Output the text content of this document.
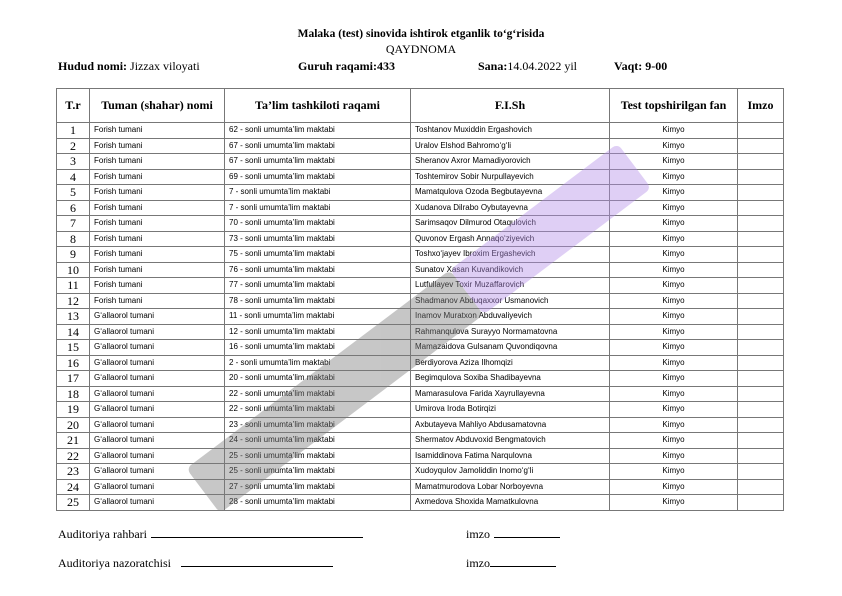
Malaka (test) sinovida ishtirok etganlik to‘g‘risida
QAYDNOMA
Hudud nomi: Jizzax viloyati	Guruh raqami:433	Sana:14.04.2022 yil	Vaqt: 9-00
T.r	Tuman (shahar) nomi	Ta’lim tashkiloti raqami	F.I.Sh	Test topshirilgan fan	Imzo
1	Forish tumani	62 - sonli umumta’lim maktabi	Toshtanov Muxiddin Ergashovich	Kimyo	
2	Forish tumani	67 - sonli umumta’lim maktabi	Uralov Elshod Bahromo‘g‘li	Kimyo	
3	Forish tumani	67 - sonli umumta’lim maktabi	Sheranov Axror Mamadiyorovich	Kimyo	
4	Forish tumani	69 - sonli umumta’lim maktabi	Toshtemirov Sobir Nurpullayevich	Kimyo	
5	Forish tumani	7 - sonli umumta’lim maktabi	Mamatqulova Ozoda Begbutayevna	Kimyo	
6	Forish tumani	7 - sonli umumta’lim maktabi	Xudanova Dilrabo Oybutayevna	Kimyo	
7	Forish tumani	70 - sonli umumta’lim maktabi	Sarimsaqov Dilmurod Otaqulovich	Kimyo	
8	Forish tumani	73 - sonli umumta’lim maktabi	Quvonov Ergash Annaqo‘ziyevich	Kimyo	
9	Forish tumani	75 - sonli umumta’lim maktabi	Toshxo‘jayev Ibroxim Ergashevich	Kimyo	
10	Forish tumani	76 - sonli umumta’lim maktabi	Sunatov Xasan Kuvandikovich	Kimyo	
11	Forish tumani	77 - sonli umumta’lim maktabi	Lutfullayev Toxir Muzaffarovich	Kimyo	
12	Forish tumani	78 - sonli umumta’lim maktabi	Shadmanov Abduqaxxor Usmanovich	Kimyo	
13	G‘allaorol tumani	11 - sonli umumta’lim maktabi	Inamov Muratxon Abduvaliyevich	Kimyo	
14	G‘allaorol tumani	12 - sonli umumta’lim maktabi	Rahmanqulova Surayyo Normamatovna	Kimyo	
15	G‘allaorol tumani	16 - sonli umumta’lim maktabi	Mamazaidova Gulsanam Quvondiqovna	Kimyo	
16	G‘allaorol tumani	2 - sonli umumta’lim maktabi	Berdiyorova Aziza Ilhomqizi	Kimyo	
17	G‘allaorol tumani	20 - sonli umumta’lim maktabi	Begimqulova Soxiba Shadibayevna	Kimyo	
18	G‘allaorol tumani	22 - sonli umumta’lim maktabi	Mamarasulova Farida Xayrullayevna	Kimyo	
19	G‘allaorol tumani	22 - sonli umumta’lim maktabi	Umirova Iroda Botirqizi	Kimyo	
20	G‘allaorol tumani	23 - sonli umumta’lim maktabi	Axbutayeva Mahliyo Abdusamatovna	Kimyo	
21	G‘allaorol tumani	24 - sonli umumta’lim maktabi	Shermatov Abduvoxid Bengmatovich	Kimyo	
22	G‘allaorol tumani	25 - sonli umumta’lim maktabi	Isamiddinova Fatima Narqulovna	Kimyo	
23	G‘allaorol tumani	25 - sonli umumta’lim maktabi	Xudoyqulov Jamoliddin Inomo‘g‘li	Kimyo	
24	G‘allaorol tumani	27 - sonli umumta’lim maktabi	Mamatmurodova Lobar Norboyevna	Kimyo	
25	G‘allaorol tumani	28 - sonli umumta’lim maktabi	Axmedova Shoxida Mamatkulovna	Kimyo	
Auditoriya rahbari	imzo
Auditoriya nazoratchisi	imzo
